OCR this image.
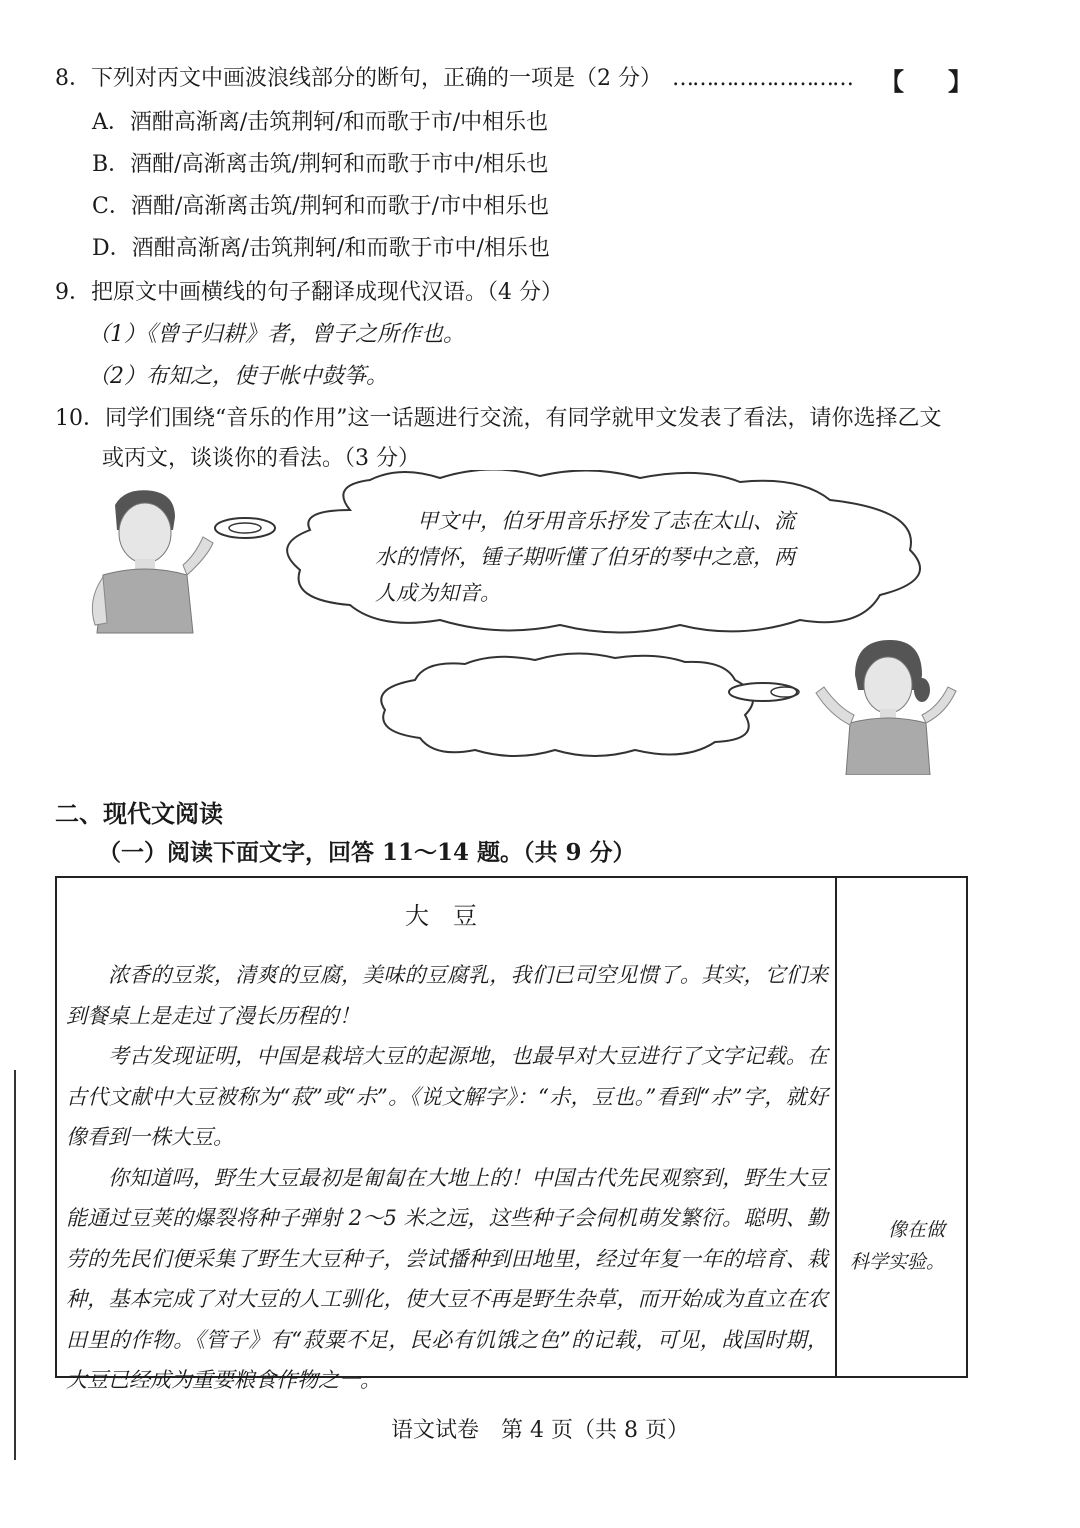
8．下列对丙文中画波浪线部分的断句，正确的一项是（2 分） ……………………… 【 】
A．酒酣高渐离/击筑荆轲/和而歌于市/中相乐也
B．酒酣/高渐离击筑/荆轲和而歌于市中/相乐也
C．酒酣/高渐离击筑/荆轲和而歌于/市中相乐也
D．酒酣高渐离/击筑荆轲/和而歌于市中/相乐也
9．把原文中画横线的句子翻译成现代汉语。（4 分）
（1）《曾子归耕》者，曾子之所作也。
（2）布知之，使于帐中鼓筝。
10．同学们围绕“音乐的作用”这一话题进行交流，有同学就甲文发表了看法，请你选择乙文
或丙文，谈谈你的看法。（3 分）
甲文中，伯牙用音乐抒发了志在太山、流水的情怀，锺子期听懂了伯牙的琴中之意，两人成为知音。
二、现代文阅读
（一）阅读下面文字，回答 11～14 题。（共 9 分）
大　豆

浓香的豆浆，清爽的豆腐，美味的豆腐乳，我们已司空见惯了。其实，它们来到餐桌上是走过了漫长历程的！

考古发现证明，中国是栽培大豆的起源地，也最早对大豆进行了文字记载。在古代文献中大豆被称为“菽”或“尗”。《说文解字》：“尗，豆也。”看到“尗”字，就好像看到一株大豆。

你知道吗，野生大豆最初是匍匐在大地上的！中国古代先民观察到，野生大豆能通过豆荚的爆裂将种子弹射 2～5 米之远，这些种子会伺机萌发繁衍。聪明、勤劳的先民们便采集了野生大豆种子，尝试播种到田地里，经过年复一年的培育、栽种，基本完成了对大豆的人工驯化，使大豆不再是野生杂草，而开始成为直立在农田里的作物。《管子》有“菽粟不足，民必有饥饿之色”的记载，可见，战国时期，大豆已经成为重要粮食作物之一。

像在做科学实验。
语文试卷　第 4 页（共 8 页）
